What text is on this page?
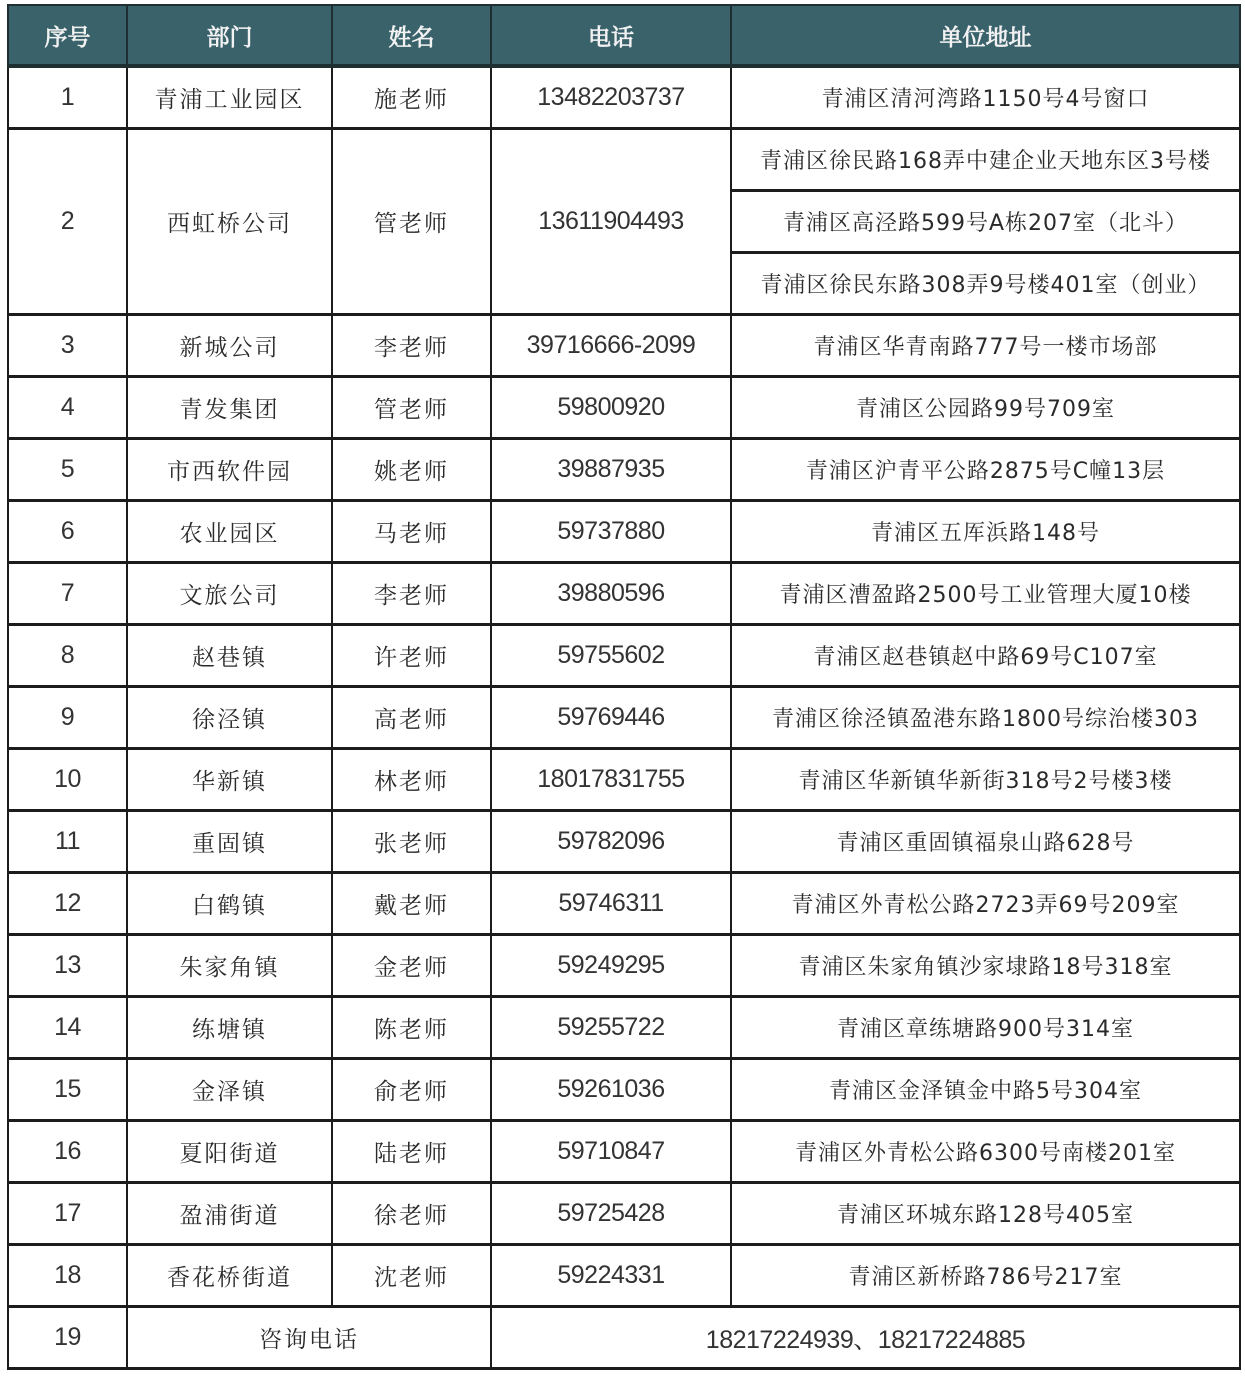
序号	部门	姓名	电话	单位地址
1	青浦工业园区	施老师	13482203737	青浦区清河湾路1150号4号窗口
2	西虹桥公司	管老师	13611904493	青浦区徐民路168弄中建企业天地东区3号楼
				青浦区高泾路599号A栋207室（北斗）
				青浦区徐民东路308弄9号楼401室（创业）
3	新城公司	李老师	39716666-2099	青浦区华青南路777号一楼市场部
4	青发集团	管老师	59800920	青浦区公园路99号709室
5	市西软件园	姚老师	39887935	青浦区沪青平公路2875号C幢13层
6	农业园区	马老师	59737880	青浦区五厍浜路148号
7	文旅公司	李老师	39880596	青浦区漕盈路2500号工业管理大厦10楼
8	赵巷镇	许老师	59755602	青浦区赵巷镇赵中路69号C107室
9	徐泾镇	高老师	59769446	青浦区徐泾镇盈港东路1800号综治楼303
10	华新镇	林老师	18017831755	青浦区华新镇华新街318号2号楼3楼
11	重固镇	张老师	59782096	青浦区重固镇福泉山路628号
12	白鹤镇	戴老师	59746311	青浦区外青松公路2723弄69号209室
13	朱家角镇	金老师	59249295	青浦区朱家角镇沙家埭路18号318室
14	练塘镇	陈老师	59255722	青浦区章练塘路900号314室
15	金泽镇	俞老师	59261036	青浦区金泽镇金中路5号304室
16	夏阳街道	陆老师	59710847	青浦区外青松公路6300号南楼201室
17	盈浦街道	徐老师	59725428	青浦区环城东路128号405室
18	香花桥街道	沈老师	59224331	青浦区新桥路786号217室
19	咨询电话		18217224939、18217224885	
